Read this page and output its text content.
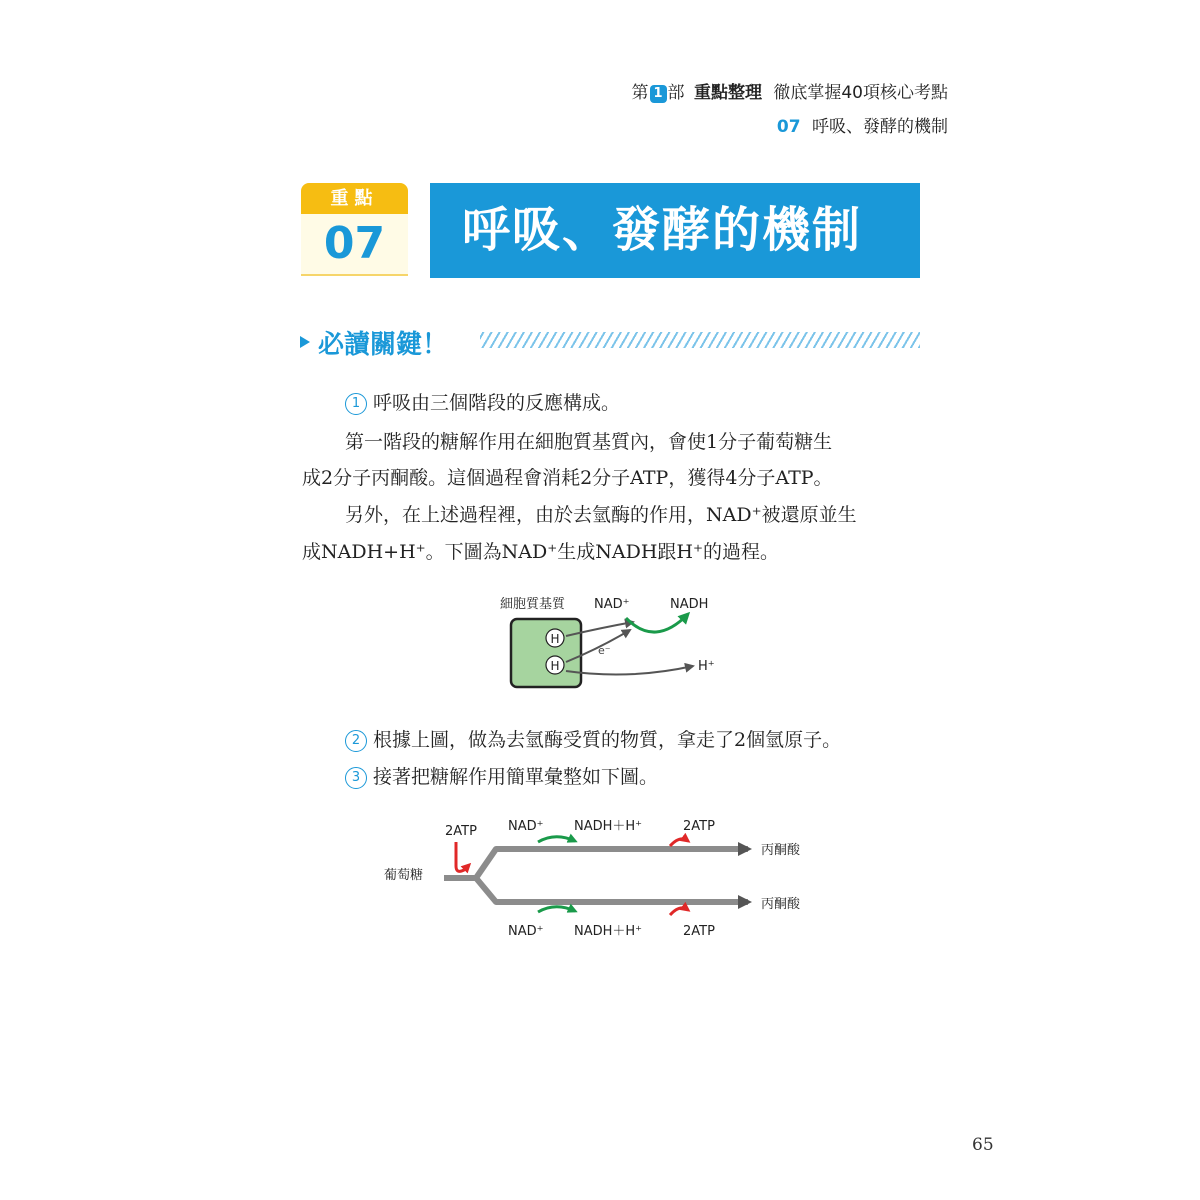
第 1 部 重點整理 徹底掌握40項核心考點
07 呼吸、發酵的機制
重點
07	呼吸、發酵的機制
必讀關鍵！
1 呼吸由三個階段的反應構成。
第一階段的糖解作用在細胞質基質內，會使1分子葡萄糖生
成2分子丙酮酸。這個過程會消耗2分子ATP，獲得4分子ATP。
另外，在上述過程裡，由於去氫酶的作用，NAD⁺被還原並生
成NADH+H⁺。下圖為NAD⁺生成NADH跟H⁺的過程。
細胞質基質 NAD⁺	NADH
H
H
e⁻
H⁺
2 根據上圖，做為去氫酶受質的物質，拿走了2個氫原子。
3 接著把糖解作用簡單彙整如下圖。
2ATP NAD⁺ NADH＋H⁺	2ATP
丙酮酸
葡萄糖
丙酮酸
NAD⁺ NADH＋H⁺	2ATP
65
